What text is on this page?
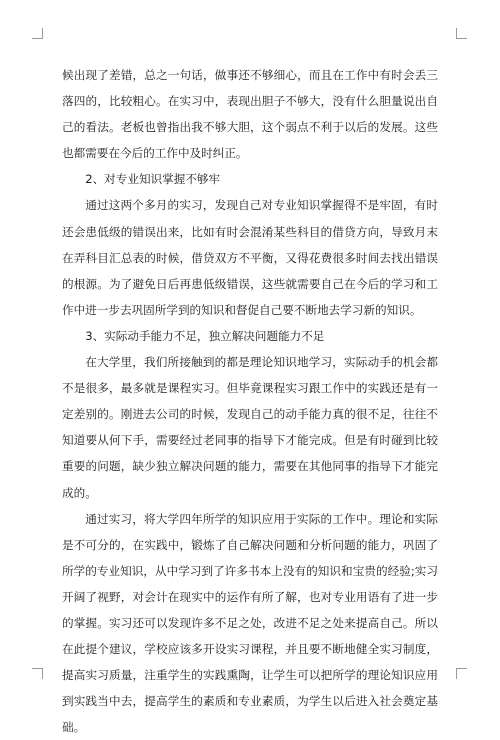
候出现了差错，总之一句话，做事还不够细心，而且在工作中有时会丢三落四的，比较粗心。在实习中，表现出胆子不够大，没有什么胆量说出自己的看法。老板也曾指出我不够大胆，这个弱点不利于以后的发展。这些也都需要在今后的工作中及时纠正。

2、对专业知识掌握不够牢

通过这两个多月的实习，发现自己对专业知识掌握得不是牢固，有时还会患低级的错误出来，比如有时会混淆某些科目的借贷方向，导致月末在弄科目汇总表的时候，借贷双方不平衡，又得花费很多时间去找出错误的根源。为了避免日后再患低级错误，这些就需要自己在今后的学习和工作中进一步去巩固所学到的知识和督促自己要不断地去学习新的知识。

3、实际动手能力不足，独立解决问题能力不足

在大学里，我们所接触到的都是理论知识地学习，实际动手的机会都不是很多，最多就是课程实习。但毕竟课程实习跟工作中的实践还是有一定差别的。刚进去公司的时候，发现自己的动手能力真的很不足，往往不知道要从何下手，需要经过老同事的指导下才能完成。但是有时碰到比较重要的问题，缺少独立解决问题的能力，需要在其他同事的指导下才能完成的。

通过实习，将大学四年所学的知识应用于实际的工作中。理论和实际是不可分的，在实践中，锻炼了自己解决问题和分析问题的能力，巩固了所学的专业知识，从中学习到了许多书本上没有的知识和宝贵的经验;实习开阔了视野，对会计在现实中的运作有所了解，也对专业用语有了进一步的掌握。实习还可以发现许多不足之处，改进不足之处来提高自己。所以在此提个建议，学校应该多开设实习课程，并且要不断地健全实习制度，提高实习质量，注重学生的实践熏陶，让学生可以把所学的理论知识应用到实践当中去，提高学生的素质和专业素质，为学生以后进入社会奠定基础。
